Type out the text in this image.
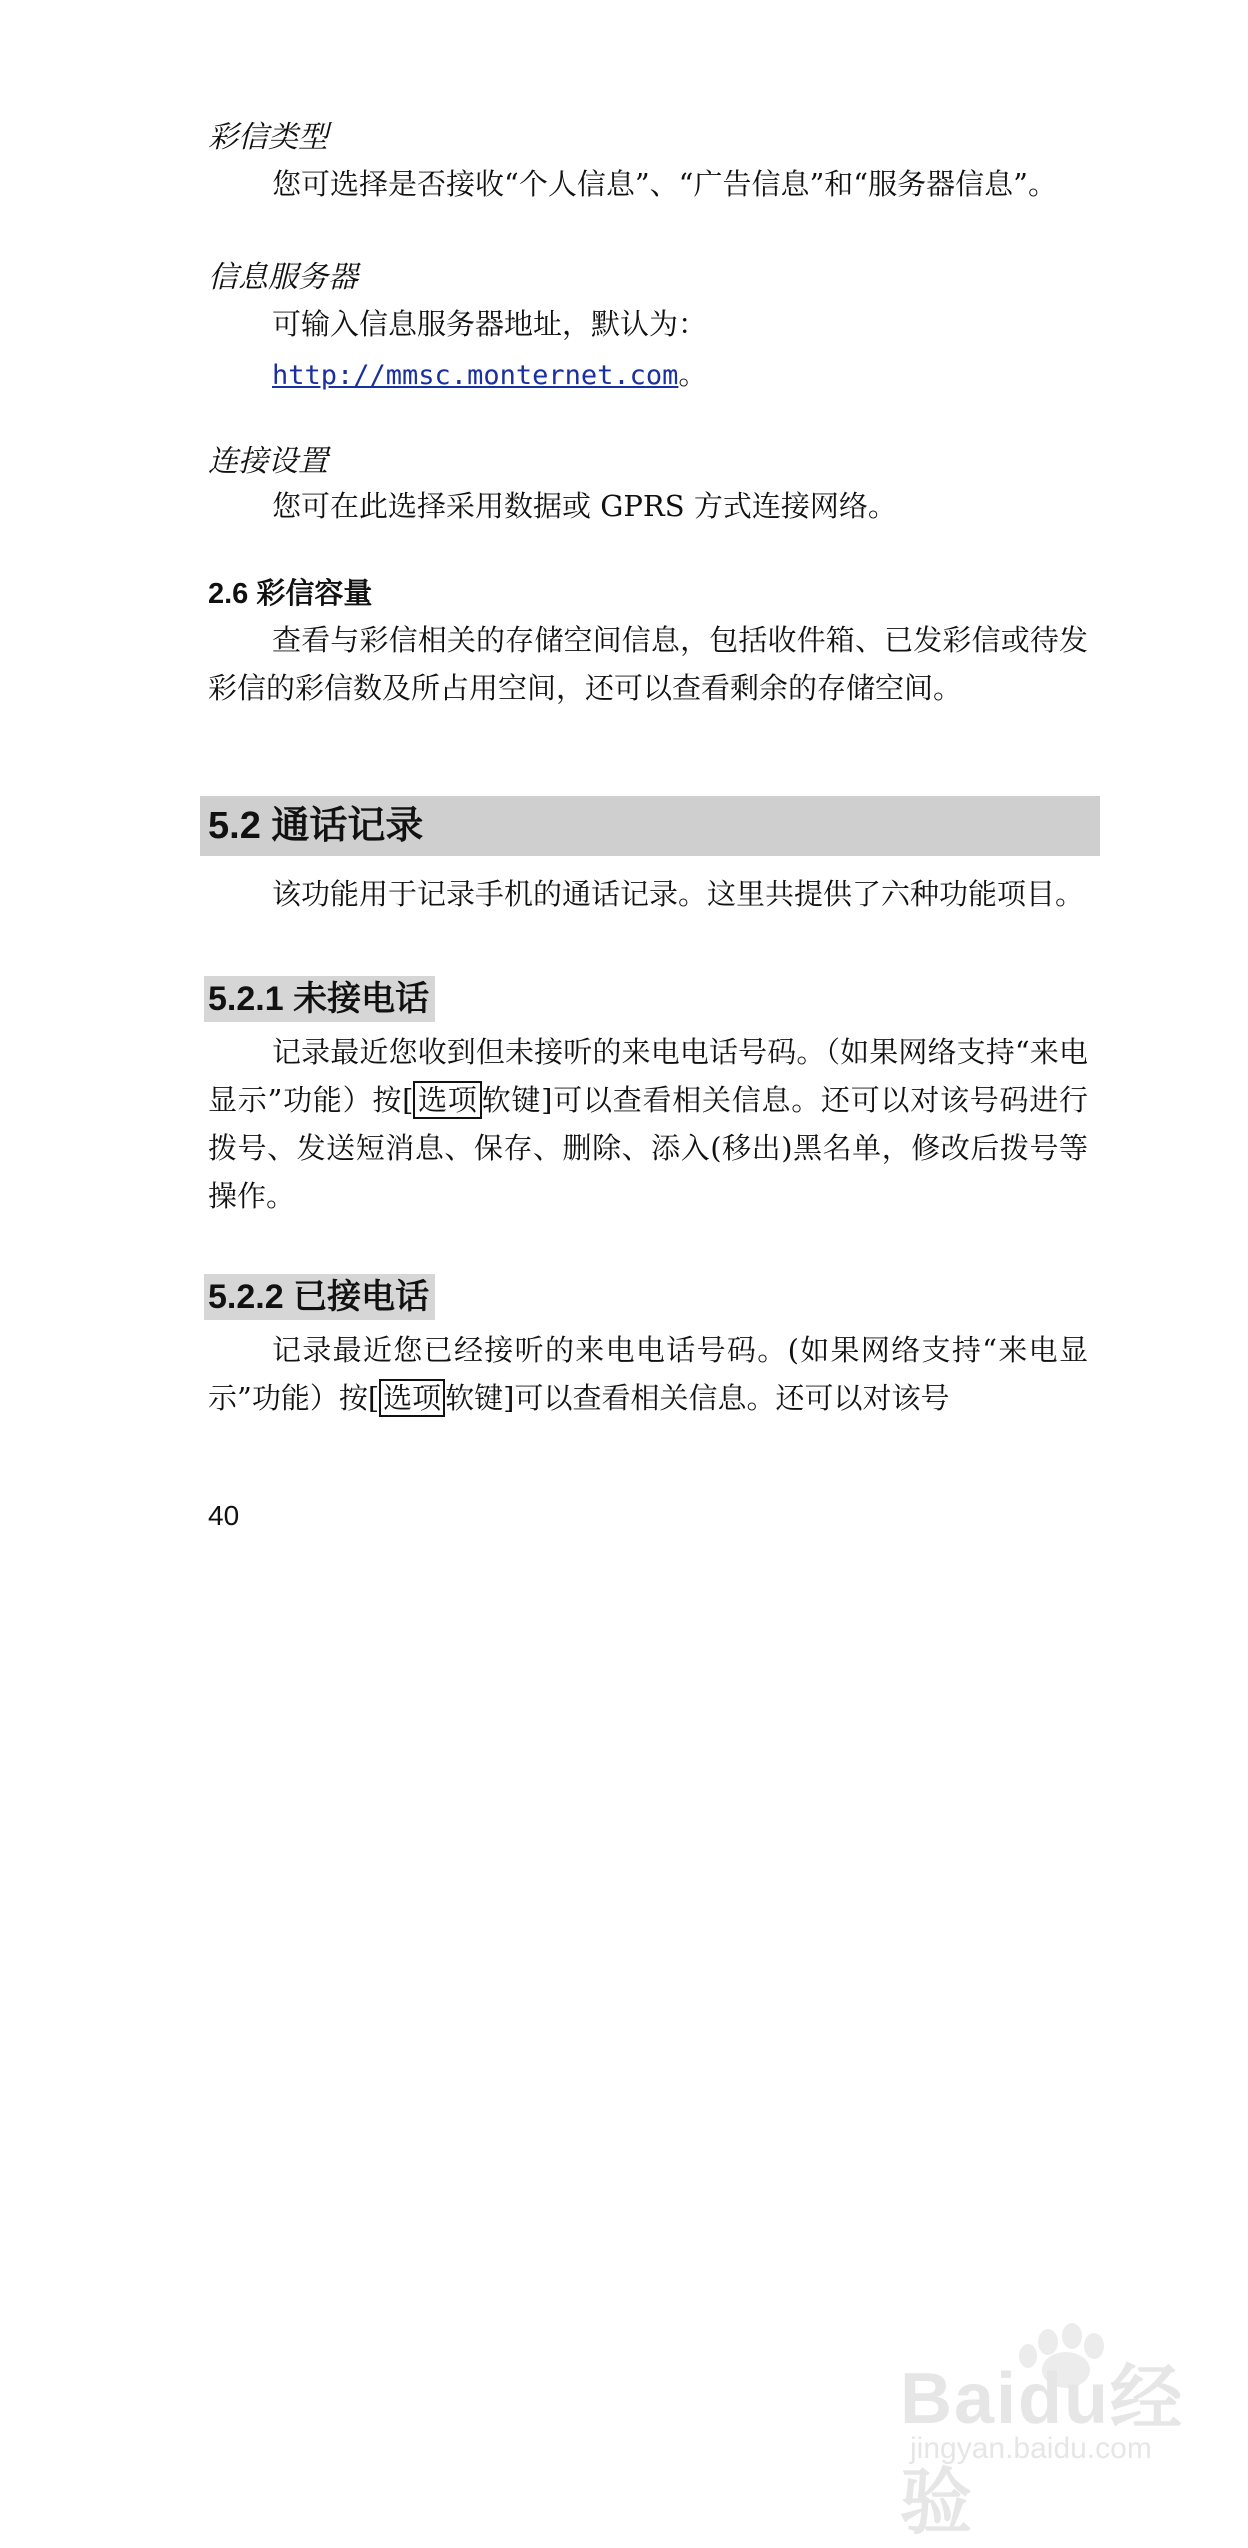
彩信类型

您可选择是否接收“个人信息”、“广告信息”和“服务器信息”。

信息服务器

可输入信息服务器地址，默认为：

http://mmsc.monternet.com。

连接设置

您可在此选择采用数据或 GPRS 方式连接网络。

2.6 彩信容量

查看与彩信相关的存储空间信息，包括收件箱、已发彩信或待发彩信的彩信数及所占用空间，还可以查看剩余的存储空间。

5.2 通话记录

该功能用于记录手机的通话记录。这里共提供了六种功能项目。

5.2.1 未接电话

记录最近您收到但未接听的来电电话号码。（如果网络支持“来电显示”功能）按[ 选项 软键]可以查看相关信息。还可以对该号码进行拨号、发送短消息、保存、删除、添入(移出)黑名单，修改后拨号等操作。

5.2.2 已接电话

记录最近您已经接听的来电电话号码。(如果网络支持“来电显示”功能）按[ 选项 软键]可以查看相关信息。还可以对该号

40
Baidu经验
jingyan.baidu.com
